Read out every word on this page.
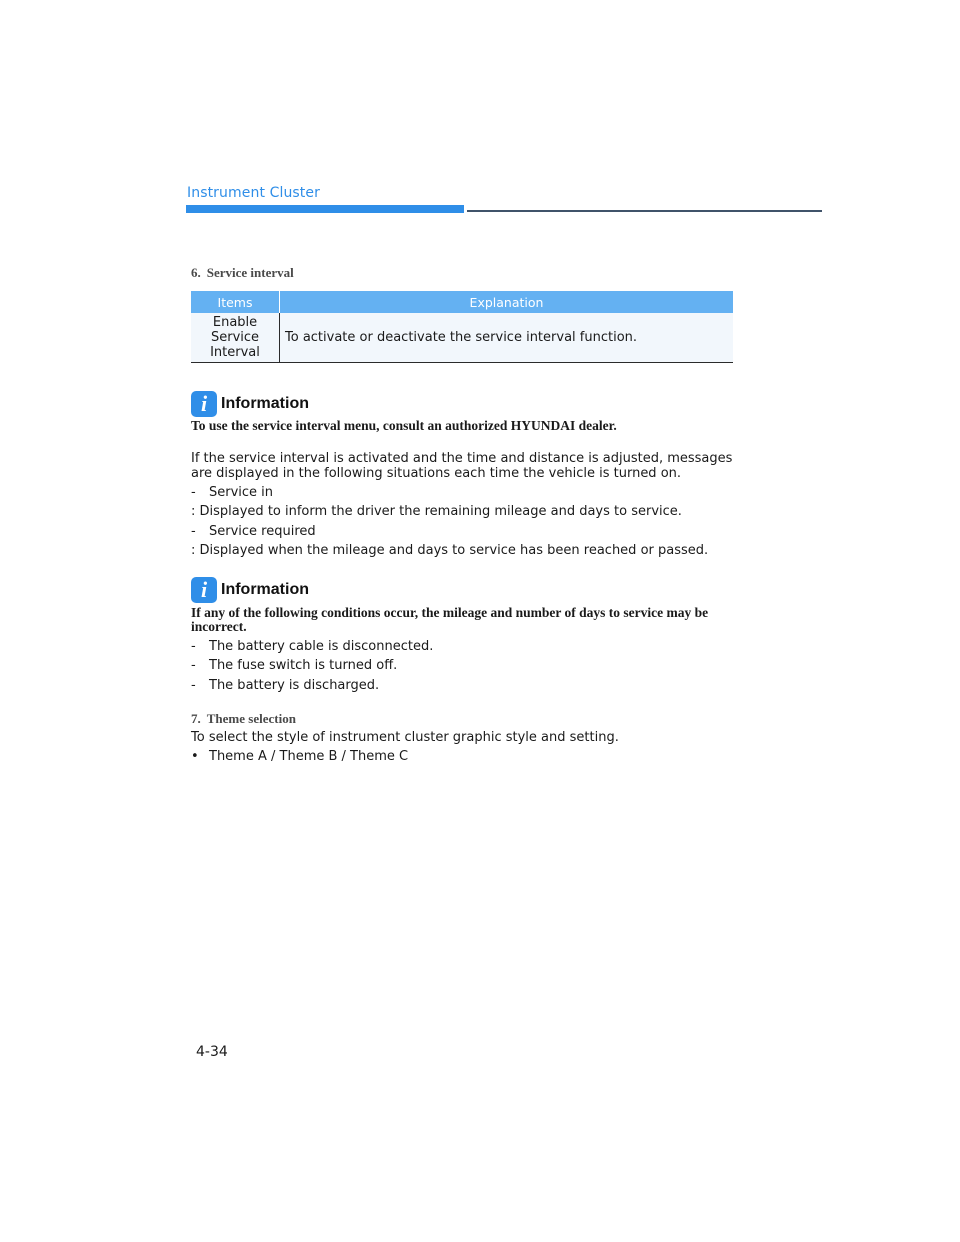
Instrument Cluster
6. Service interval
Items	Explanation

Enable
Service
Interval	To activate or deactivate the service interval function.
i Information
To use the service interval menu, consult an authorized HYUNDAI dealer.
If the service interval is activated and the time and distance is adjusted, messages are displayed in the following situations each time the vehicle is turned on.
- Service in
: Displayed to inform the driver the remaining mileage and days to service.
- Service required
: Displayed when the mileage and days to service has been reached or passed.
i Information
If any of the following conditions occur, the mileage and number of days to service may be incorrect.
- The battery cable is disconnected.
- The fuse switch is turned off.
- The battery is discharged.
7. Theme selection
To select the style of instrument cluster graphic style and setting.
• Theme A / Theme B / Theme C
4-34
